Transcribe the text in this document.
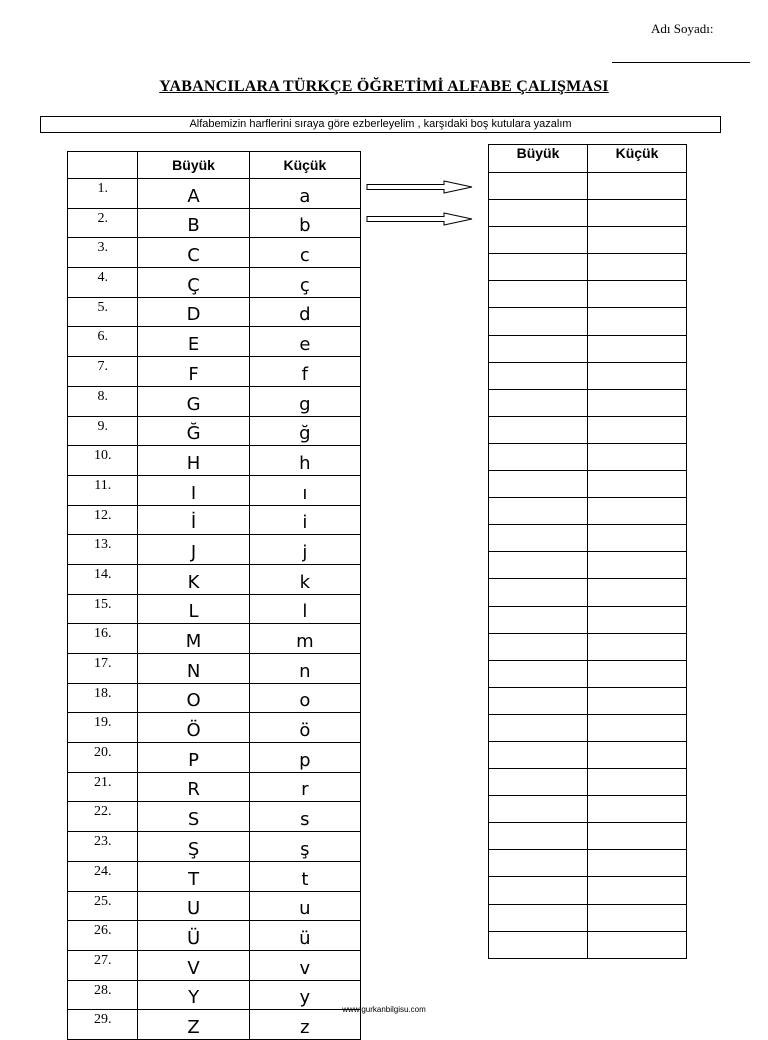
Adı Soyadı:
YABANCILARA TÜRKÇE ÖĞRETİMİ ALFABE ÇALIŞMASI
Alfabemizin harflerini sıraya göre ezberleyelim , karşıdaki boş kutulara yazalım
	Büyük	Küçük
1.	A	a
2.	B	b
3.	C	c
4.	Ç	ç
5.	D	d
6.	E	e
7.	F	f
8.	G	g
9.	Ğ	ğ
10.	H	h
11.	I	ı
12.	İ	i
13.	J	j
14.	K	k
15.	L	l
16.	M	m
17.	N	n
18.	O	o
19.	Ö	ö
20.	P	p
21.	R	r
22.	S	s
23.	Ş	ş
24.	T	t
25.	U	u
26.	Ü	ü
27.	V	v
28.	Y	y
29.	Z	z
Büyük	Küçük

www.gurkanbilgisu.com
